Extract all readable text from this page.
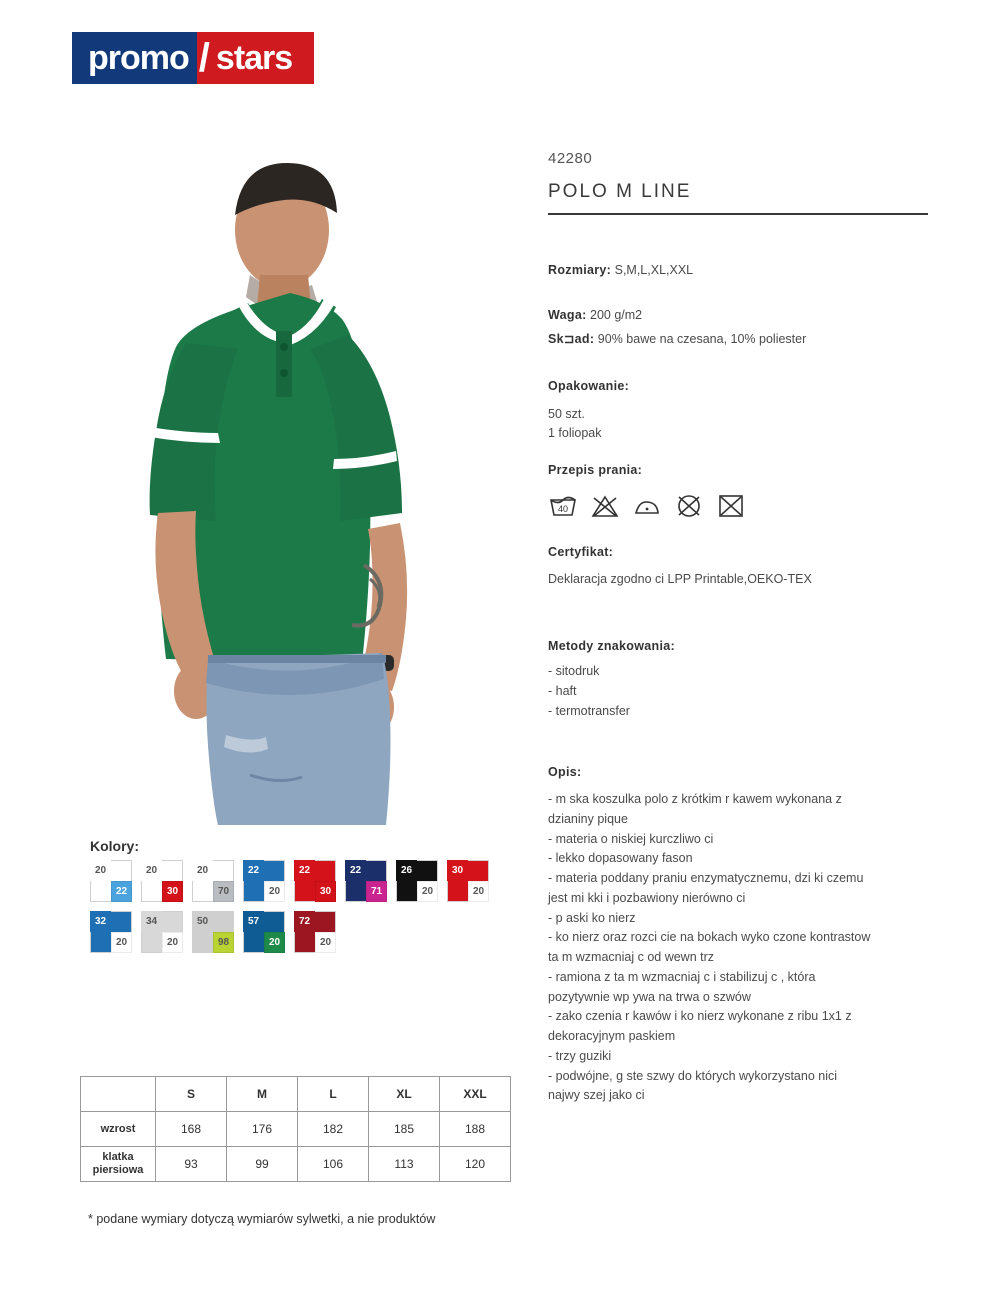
promo / stars
42280
POLO M LINE
Rozmiary: S,M,L,XL,XXL
Waga: 200 g/m2
Sk⊐ad: 90% bawe na czesana, 10% poliester
Opakowanie:
50 szt.
1 foliopak
Przepis prania:
40
Certyfikat:
Deklaracja zgodno ci LPP Printable,OEKO-TEX
Metody znakowania:
- sitodruk
- haft
- termotransfer
Opis:
- m ska koszulka polo z krótkim r kawem wykonana z
dzianiny pique
- materia o niskiej kurczliwo ci
- lekko dopasowany fason
- materia poddany praniu enzymatycznemu, dzi ki czemu
jest mi kki i pozbawiony nierówno ci
- p aski ko nierz
- ko nierz oraz rozci cie na bokach wyko czone kontrastow
ta m wzmacniaj c od wewn trz
- ramiona z ta m wzmacniaj c i stabilizuj c , która
pozytywnie wp ywa na trwa o szwów
- zako czenia r kawów i ko nierz wykonane z ribu 1x1 z
dekoracyjnym paskiem
- trzy guziki
- podwójne, g ste szwy do których wykorzystano nici
najwy szej jako ci
Kolory:
20
22
20
30
20
70
22
20
22
30
22
71
26
20
30
20
32
20
34
20
50
98
57
20
72
20
	S	M	L	XL	XXL
wzrost	168	176	182	185	188
klatka piersiowa	93	99	106	113	120
* podane wymiary dotyczą wymiarów sylwetki, a nie produktów
